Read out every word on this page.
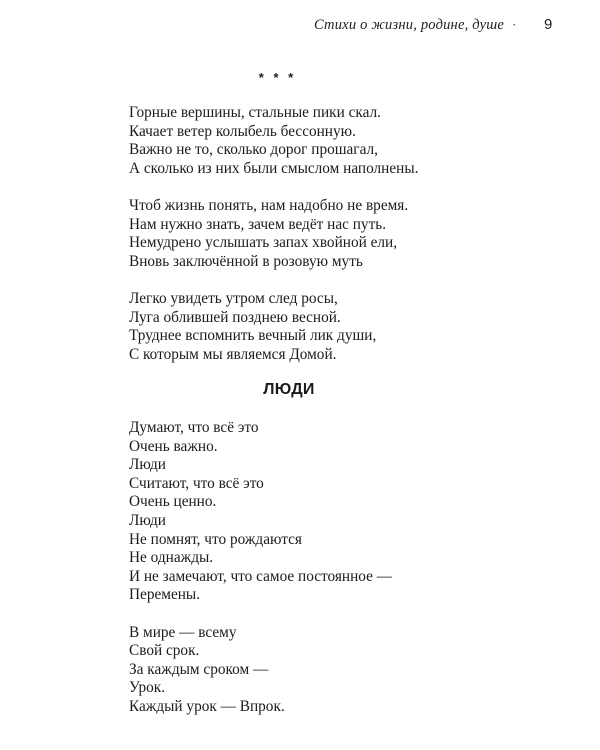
Стихи о жизни, родине, душе · 9
* * *
Горные вершины, стальные пики скал.
Качает ветер колыбель бессонную.
Важно не то, сколько дорог прошагал,
А сколько из них были смыслом наполнены.
Чтоб жизнь понять, нам надобно не время.
Нам нужно знать, зачем ведёт нас путь.
Немудрено услышать запах хвойной ели,
Вновь заключённой в розовую муть
Легко увидеть утром след росы,
Луга облившей позднею весной.
Труднее вспомнить вечный лик души,
С которым мы являемся Домой.
ЛЮДИ
Думают, что всё это
Очень важно.
Люди
Считают, что всё это
Очень ценно.
Люди
Не помнят, что рождаются
Не однажды.
И не замечают, что самое постоянное —
Перемены.
В мире — всему
Свой срок.
За каждым сроком —
Урок.
Каждый урок — Впрок.
